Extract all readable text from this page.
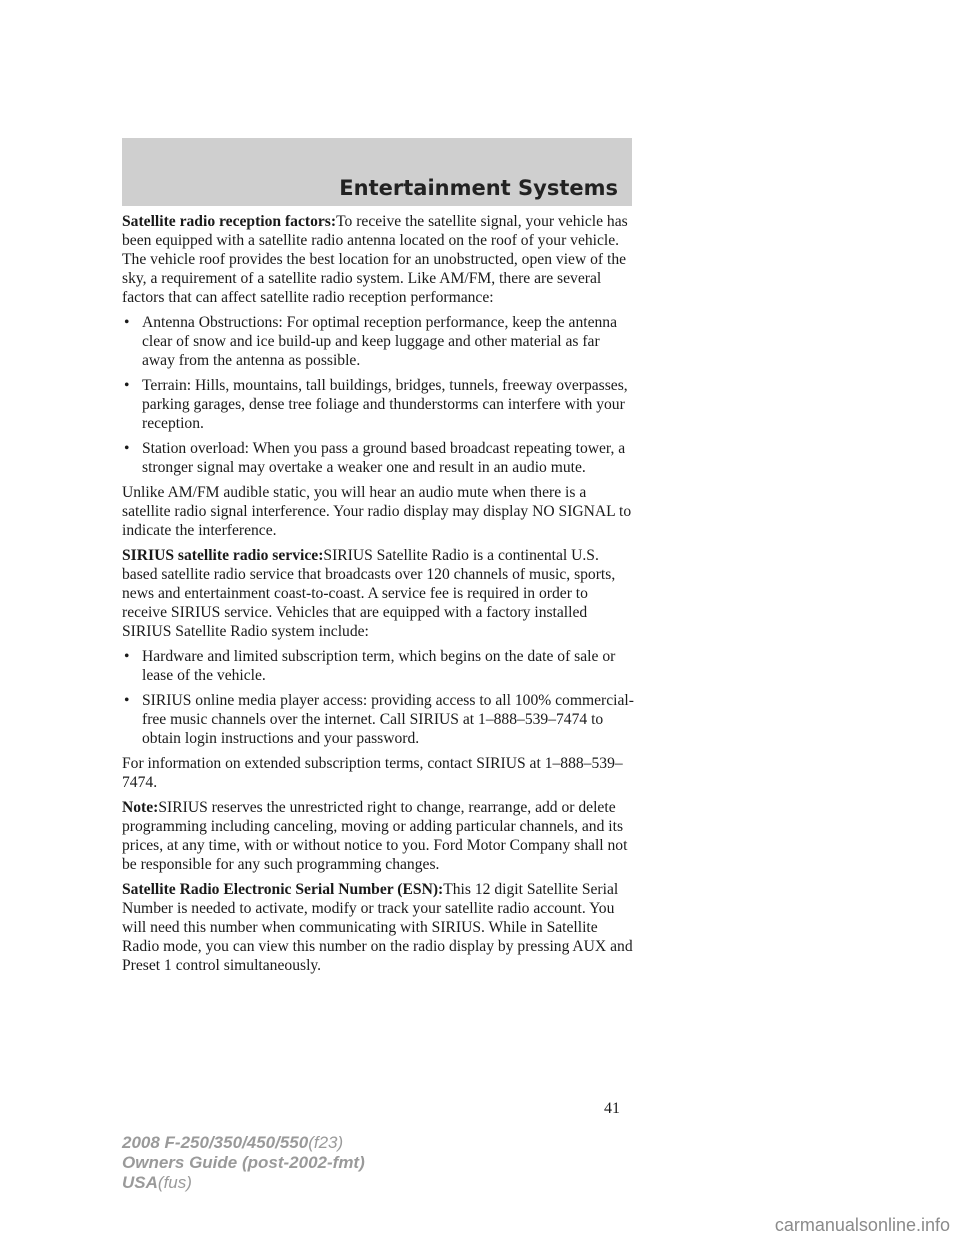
Entertainment Systems

Satellite radio reception factors:To receive the satellite signal, your vehicle has been equipped with a satellite radio antenna located on the roof of your vehicle. The vehicle roof provides the best location for an unobstructed, open view of the sky, a requirement of a satellite radio system. Like AM/FM, there are several factors that can affect satellite radio reception performance:

• Antenna Obstructions: For optimal reception performance, keep the antenna clear of snow and ice build-up and keep luggage and other material as far away from the antenna as possible.
• Terrain: Hills, mountains, tall buildings, bridges, tunnels, freeway overpasses, parking garages, dense tree foliage and thunderstorms can interfere with your reception.
• Station overload: When you pass a ground based broadcast repeating tower, a stronger signal may overtake a weaker one and result in an audio mute.

Unlike AM/FM audible static, you will hear an audio mute when there is a satellite radio signal interference. Your radio display may display NO SIGNAL to indicate the interference.

SIRIUS satellite radio service:SIRIUS Satellite Radio is a continental U.S. based satellite radio service that broadcasts over 120 channels of music, sports, news and entertainment coast-to-coast. A service fee is required in order to receive SIRIUS service. Vehicles that are equipped with a factory installed SIRIUS Satellite Radio system include:

• Hardware and limited subscription term, which begins on the date of sale or lease of the vehicle.
• SIRIUS online media player access: providing access to all 100% commercial-free music channels over the internet. Call SIRIUS at 1–888–539–7474 to obtain login instructions and your password.

For information on extended subscription terms, contact SIRIUS at 1–888–539–7474.

Note:SIRIUS reserves the unrestricted right to change, rearrange, add or delete programming including canceling, moving or adding particular channels, and its prices, at any time, with or without notice to you. Ford Motor Company shall not be responsible for any such programming changes.

Satellite Radio Electronic Serial Number (ESN):This 12 digit Satellite Serial Number is needed to activate, modify or track your satellite radio account. You will need this number when communicating with SIRIUS. While in Satellite Radio mode, you can view this number on the radio display by pressing AUX and Preset 1 control simultaneously.

41
2008 F-250/350/450/550(f23)
Owners Guide (post-2002-fmt)
USA(fus)
carmanualsonline.info
